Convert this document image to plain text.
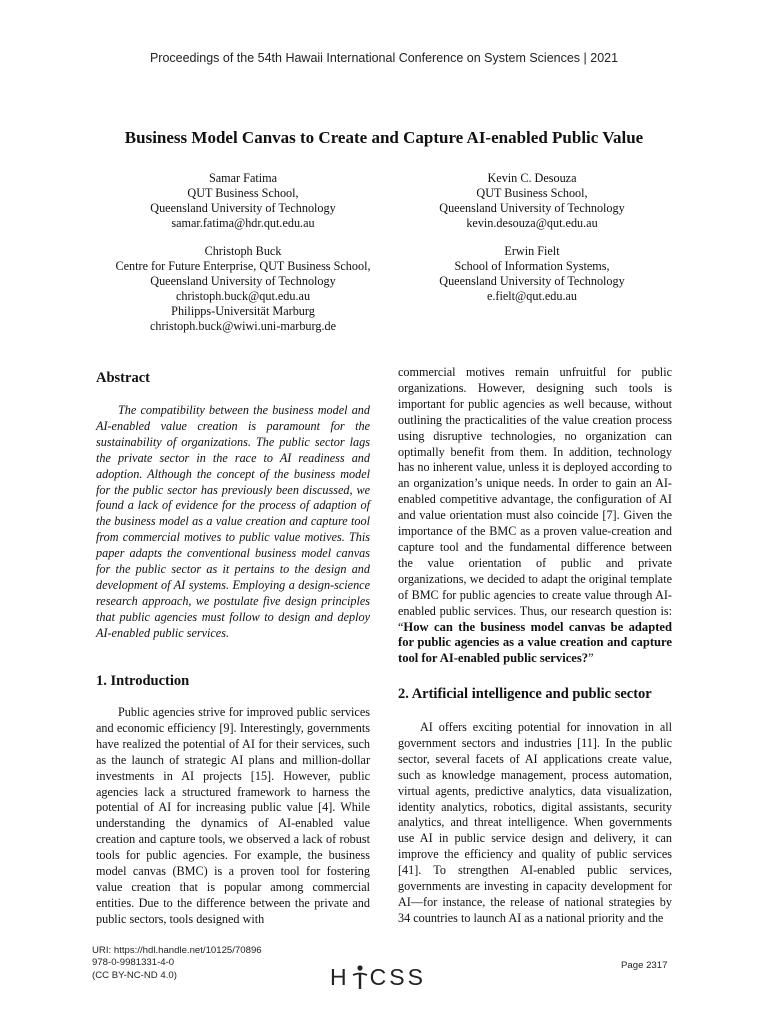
Proceedings of the 54th Hawaii International Conference on System Sciences | 2021
Business Model Canvas to Create and Capture AI-enabled Public Value
Samar Fatima
QUT Business School,
Queensland University of Technology
samar.fatima@hdr.qut.edu.au
Kevin C. Desouza
QUT Business School,
Queensland University of Technology
kevin.desouza@qut.edu.au
Christoph Buck
Centre for Future Enterprise, QUT Business School,
Queensland University of Technology
christoph.buck@qut.edu.au
Philipps-Universität Marburg
christoph.buck@wiwi.uni-marburg.de
Erwin Fielt
School of Information Systems,
Queensland University of Technology
e.fielt@qut.edu.au
Abstract
The compatibility between the business model and AI-enabled value creation is paramount for the sustainability of organizations. The public sector lags the private sector in the race to AI readiness and adoption. Although the concept of the business model for the public sector has previously been discussed, we found a lack of evidence for the process of adaption of the business model as a value creation and capture tool from commercial motives to public value motives. This paper adapts the conventional business model canvas for the public sector as it pertains to the design and development of AI systems. Employing a design-science research approach, we postulate five design principles that public agencies must follow to design and deploy AI-enabled public services.
1. Introduction
Public agencies strive for improved public services and economic efficiency [9]. Interestingly, governments have realized the potential of AI for their services, such as the launch of strategic AI plans and million-dollar investments in AI projects [15]. However, public agencies lack a structured framework to harness the potential of AI for increasing public value [4]. While understanding the dynamics of AI-enabled value creation and capture tools, we observed a lack of robust tools for public agencies. For example, the business model canvas (BMC) is a proven tool for fostering value creation that is popular among commercial entities. Due to the difference between the private and public sectors, tools designed with
commercial motives remain unfruitful for public organizations. However, designing such tools is important for public agencies as well because, without outlining the practicalities of the value creation process using disruptive technologies, no organization can optimally benefit from them. In addition, technology has no inherent value, unless it is deployed according to an organization’s unique needs. In order to gain an AI-enabled competitive advantage, the configuration of AI and value orientation must also coincide [7]. Given the importance of the BMC as a proven value-creation and capture tool and the fundamental difference between the value orientation of public and private organizations, we decided to adapt the original template of BMC for public agencies to create value through AI-enabled public services. Thus, our research question is: “How can the business model canvas be adapted for public agencies as a value creation and capture tool for AI-enabled public services?”
2. Artificial intelligence and public sector
AI offers exciting potential for innovation in all government sectors and industries [11]. In the public sector, several facets of AI applications create value, such as knowledge management, process automation, virtual agents, predictive analytics, data visualization, identity analytics, robotics, digital assistants, security analytics, and threat intelligence. When governments use AI in public service design and delivery, it can improve the efficiency and quality of public services [41]. To strengthen AI-enabled public services, governments are investing in capacity development for AI—for instance, the release of national strategies by 34 countries to launch AI as a national priority and the
URI: https://hdl.handle.net/10125/70896
978-0-9981331-4-0
(CC BY-NC-ND 4.0)	H CSS	Page 2317
